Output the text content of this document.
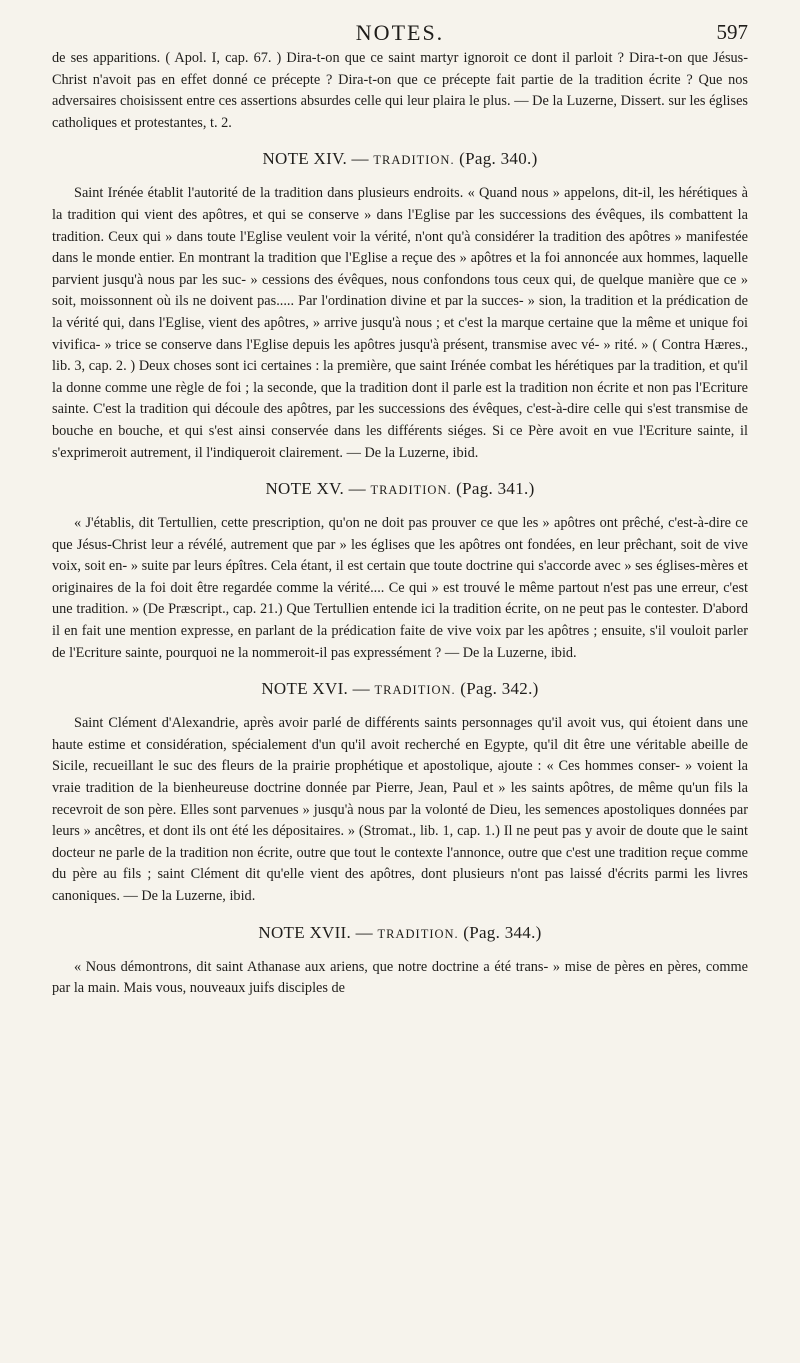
NOTES.	597

de ses apparitions. ( Apol. I, cap. 67. ) Dira-t-on que ce saint martyr ignoroit ce dont il parloit ? Dira-t-on que Jésus-Christ n'avoit pas en effet donné ce précepte ? Dira-t-on que ce précepte fait partie de la tradition écrite ? Que nos adversaires choisissent entre ces assertions absurdes celle qui leur plaira le plus. — De la Luzerne, Dissert. sur les églises catholiques et protestantes, t. 2.

NOTE XIV. — TRADITION. (Pag. 340.)

Saint Irénée établit l'autorité de la tradition dans plusieurs endroits. « Quand nous » appelons, dit-il, les hérétiques à la tradition qui vient des apôtres, et qui se conserve » dans l'Eglise par les successions des évêques, ils combattent la tradition. Ceux qui » dans toute l'Eglise veulent voir la vérité, n'ont qu'à considérer la tradition des apôtres » manifestée dans le monde entier. En montrant la tradition que l'Eglise a reçue des » apôtres et la foi annoncée aux hommes, laquelle parvient jusqu'à nous par les suc- » cessions des évêques, nous confondons tous ceux qui, de quelque manière que ce » soit, moissonnent où ils ne doivent pas..... Par l'ordination divine et par la succes- » sion, la tradition et la prédication de la vérité qui, dans l'Eglise, vient des apôtres, » arrive jusqu'à nous ; et c'est la marque certaine que la même et unique foi vivifica- » trice se conserve dans l'Eglise depuis les apôtres jusqu'à présent, transmise avec vé- » rité. » ( Contra Hæres., lib. 3, cap. 2. ) Deux choses sont ici certaines : la première, que saint Irénée combat les hérétiques par la tradition, et qu'il la donne comme une règle de foi ; la seconde, que la tradition dont il parle est la tradition non écrite et non pas l'Ecriture sainte. C'est la tradition qui découle des apôtres, par les successions des évêques, c'est-à-dire celle qui s'est transmise de bouche en bouche, et qui s'est ainsi conservée dans les différents siéges. Si ce Père avoit en vue l'Ecriture sainte, il s'exprimeroit autrement, il l'indiqueroit clairement. — De la Luzerne, ibid.

NOTE XV. — TRADITION. (Pag. 341.)

« J'établis, dit Tertullien, cette prescription, qu'on ne doit pas prouver ce que les » apôtres ont prêché, c'est-à-dire ce que Jésus-Christ leur a révélé, autrement que par » les églises que les apôtres ont fondées, en leur prêchant, soit de vive voix, soit en- » suite par leurs épîtres. Cela étant, il est certain que toute doctrine qui s'accorde avec » ses églises-mères et originaires de la foi doit être regardée comme la vérité.... Ce qui » est trouvé le même partout n'est pas une erreur, c'est une tradition. » (De Præscript., cap. 21.) Que Tertullien entende ici la tradition écrite, on ne peut pas le contester. D'abord il en fait une mention expresse, en parlant de la prédication faite de vive voix par les apôtres ; ensuite, s'il vouloit parler de l'Ecriture sainte, pourquoi ne la nommeroit-il pas expressément ? — De la Luzerne, ibid.

NOTE XVI. — TRADITION. (Pag. 342.)

Saint Clément d'Alexandrie, après avoir parlé de différents saints personnages qu'il avoit vus, qui étoient dans une haute estime et considération, spécialement d'un qu'il avoit recherché en Egypte, qu'il dit être une véritable abeille de Sicile, recueillant le suc des fleurs de la prairie prophétique et apostolique, ajoute : « Ces hommes conser- » voient la vraie tradition de la bienheureuse doctrine donnée par Pierre, Jean, Paul et » les saints apôtres, de même qu'un fils la recevroit de son père. Elles sont parvenues » jusqu'à nous par la volonté de Dieu, les semences apostoliques données par leurs » ancêtres, et dont ils ont été les dépositaires. » (Stromat., lib. 1, cap. 1.) Il ne peut pas y avoir de doute que le saint docteur ne parle de la tradition non écrite, outre que tout le contexte l'annonce, outre que c'est une tradition reçue comme du père au fils ; saint Clément dit qu'elle vient des apôtres, dont plusieurs n'ont pas laissé d'écrits parmi les livres canoniques. — De la Luzerne, ibid.

NOTE XVII. — TRADITION. (Pag. 344.)

« Nous démontrons, dit saint Athanase aux ariens, que notre doctrine a été trans- » mise de pères en pères, comme par la main. Mais vous, nouveaux juifs disciples de
